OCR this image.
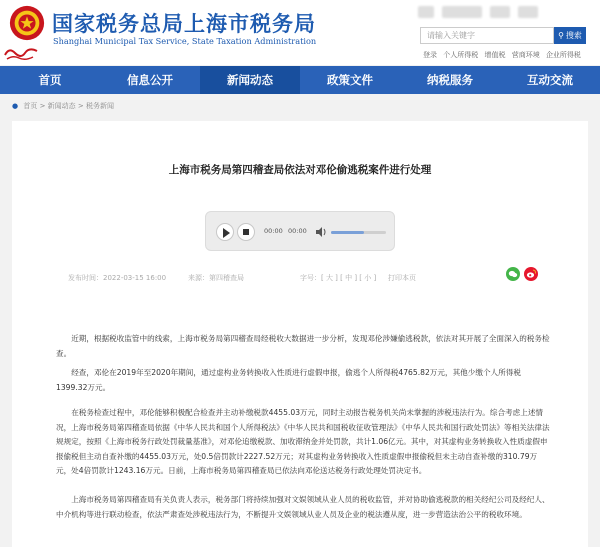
国家税务总局上海市税务局
Shanghai Municipal Tax Service, State Taxation Administration
请输入关键字	⚲ 搜索
登录 个人所得税 增值税 营商环境 企业所得税
首页	信息公开	新闻动态	政策文件	纳税服务	互动交流
● 首页 > 新闻动态 > 税务新闻
上海市税务局第四稽查局依法对邓伦偷逃税案件进行处理
00:00 00:00
发布时间：2022-03-15 16:00	来源：第四稽查局	字号：[ 大 ] [ 中 ] [ 小 ] 打印本页

近期，根据税收监管中的线索，上海市税务局第四稽查局经税收大数据进一步分析，发现邓伦涉嫌偷逃税款，依法对其开展了全面深入的税务检查。

经查，邓伦在2019年至2020年期间，通过虚构业务转换收入性质进行虚假申报，偷逃个人所得税4765.82万元，其他少缴个人所得税1399.32万元。

在税务检查过程中，邓伦能够积极配合检查并主动补缴税款4455.03万元，同时主动报告税务机关尚未掌握的涉税违法行为。综合考虑上述情况，上海市税务局第四稽查局依据《中华人民共和国个人所得税法》《中华人民共和国税收征收管理法》《中华人民共和国行政处罚法》等相关法律法规规定，按照《上海市税务行政处罚裁量基准》，对邓伦追缴税款、加收滞纳金并处罚款，共计1.06亿元。其中，对其虚构业务转换收入性质虚假申报偷税但主动自查补缴的4455.03万元，处0.5倍罚款计2227.52万元；对其虚构业务转换收入性质虚假申报偷税但未主动自查补缴的310.79万元，处4倍罚款计1243.16万元。日前，上海市税务局第四稽查局已依法向邓伦送达税务行政处理处罚决定书。

上海市税务局第四稽查局有关负责人表示，税务部门将持续加强对文娱领域从业人员的税收监管，并对协助偷逃税款的相关经纪公司及经纪人、中介机构等进行联动检查，依法严肃查处涉税违法行为，不断提升文娱领域从业人员及企业的税法遵从度，进一步营造法治公平的税收环境。
